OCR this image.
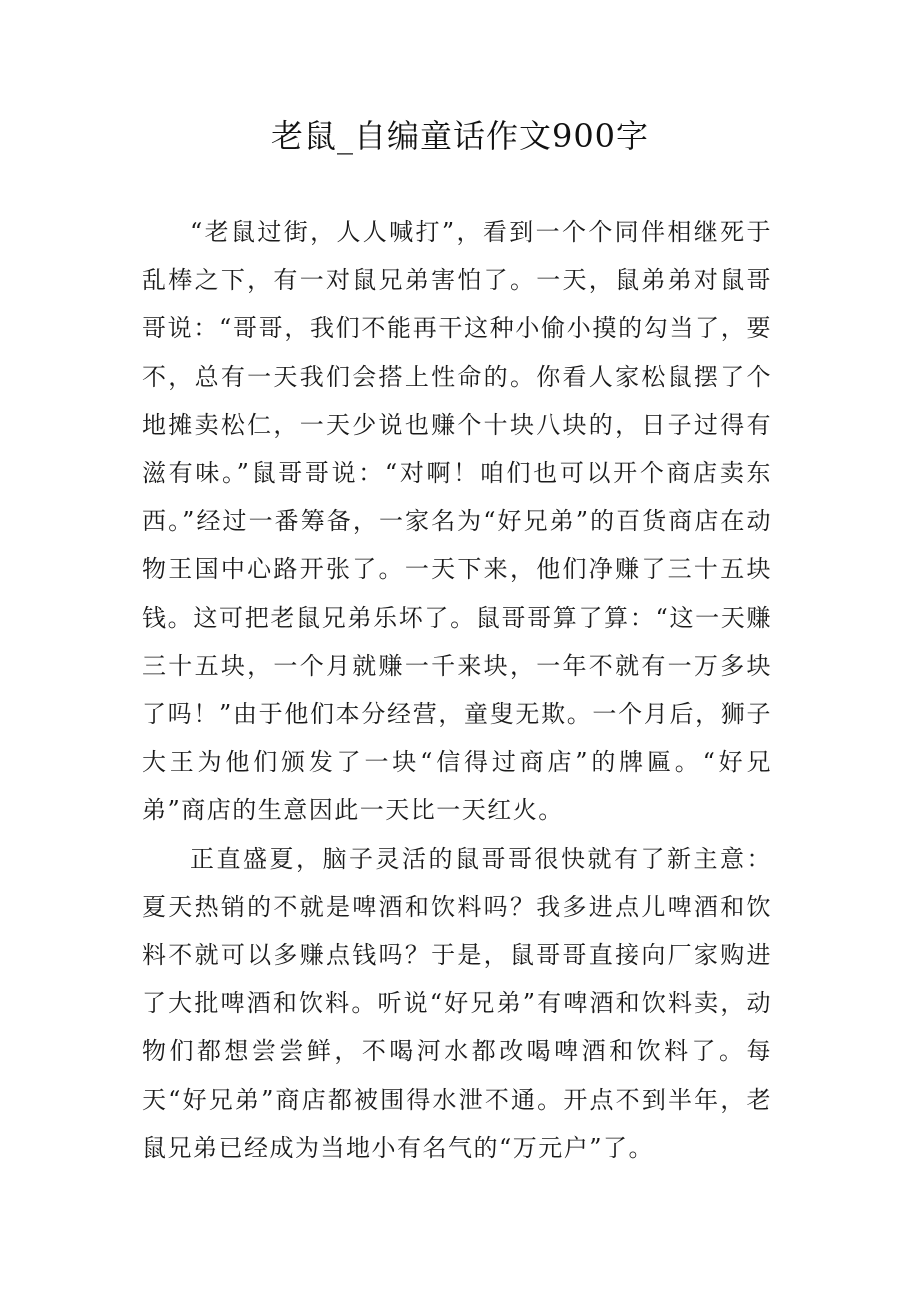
老鼠_自编童话作文900字

“老鼠过街，人人喊打”，看到一个个同伴相继死于乱棒之下，有一对鼠兄弟害怕了。一天，鼠弟弟对鼠哥哥说：“哥哥，我们不能再干这种小偷小摸的勾当了，要不，总有一天我们会搭上性命的。你看人家松鼠摆了个地摊卖松仁，一天少说也赚个十块八块的，日子过得有滋有味。”鼠哥哥说：“对啊！咱们也可以开个商店卖东西。”经过一番筹备，一家名为“好兄弟”的百货商店在动物王国中心路开张了。一天下来，他们净赚了三十五块钱。这可把老鼠兄弟乐坏了。鼠哥哥算了算：“这一天赚三十五块，一个月就赚一千来块，一年不就有一万多块了吗！”由于他们本分经营，童叟无欺。一个月后，狮子大王为他们颁发了一块“信得过商店”的牌匾。“好兄弟”商店的生意因此一天比一天红火。

正直盛夏，脑子灵活的鼠哥哥很快就有了新主意：夏天热销的不就是啤酒和饮料吗？我多进点儿啤酒和饮料不就可以多赚点钱吗？于是，鼠哥哥直接向厂家购进了大批啤酒和饮料。听说“好兄弟”有啤酒和饮料卖，动物们都想尝尝鲜，不喝河水都改喝啤酒和饮料了。每天“好兄弟”商店都被围得水泄不通。开点不到半年，老鼠兄弟已经成为当地小有名气的“万元户”了。
